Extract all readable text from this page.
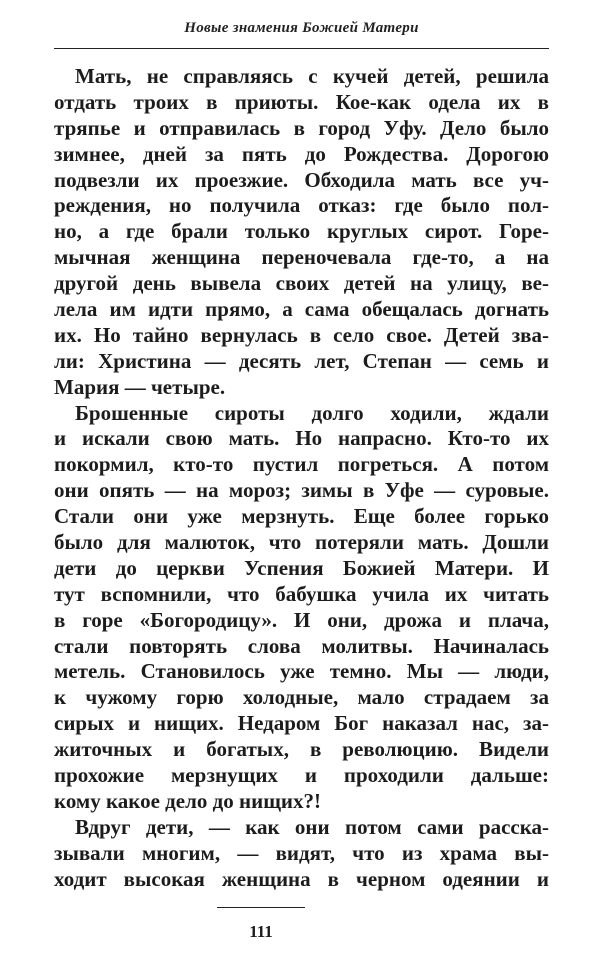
Новые знамения Божией Матери
Мать, не справляясь с кучей детей, решила
отдать троих в приюты. Кое-как одела их в
тряпье и отправилась в город Уфу. Дело было
зимнее, дней за пять до Рождества. Дорогою
подвезли их проезжие. Обходила мать все уч-
реждения, но получила отказ: где было пол-
но, а где брали только круглых сирот. Горе-
мычная женщина переночевала где-то, а на
другой день вывела своих детей на улицу, ве-
лела им идти прямо, а сама обещалась догнать
их. Но тайно вернулась в село свое. Детей зва-
ли: Христина — десять лет, Степан — семь и
Мария — четыре.
Брошенные сироты долго ходили, ждали
и искали свою мать. Но напрасно. Кто-то их
покормил, кто-то пустил погреться. А потом
они опять — на мороз; зимы в Уфе — суровые.
Стали они уже мерзнуть. Еще более горько
было для малюток, что потеряли мать. Дошли
дети до церкви Успения Божией Матери. И
тут вспомнили, что бабушка учила их читать
в горе «Богородицу». И они, дрожа и плача,
стали повторять слова молитвы. Начиналась
метель. Становилось уже темно. Мы — люди,
к чужому горю холодные, мало страдаем за
сирых и нищих. Недаром Бог наказал нас, за-
житочных и богатых, в революцию. Видели
прохожие мерзнущих и проходили дальше:
кому какое дело до нищих?!
Вдруг дети, — как они потом сами расска-
зывали многим, — видят, что из храма вы-
ходит высокая женщина в черном одеянии и
111
